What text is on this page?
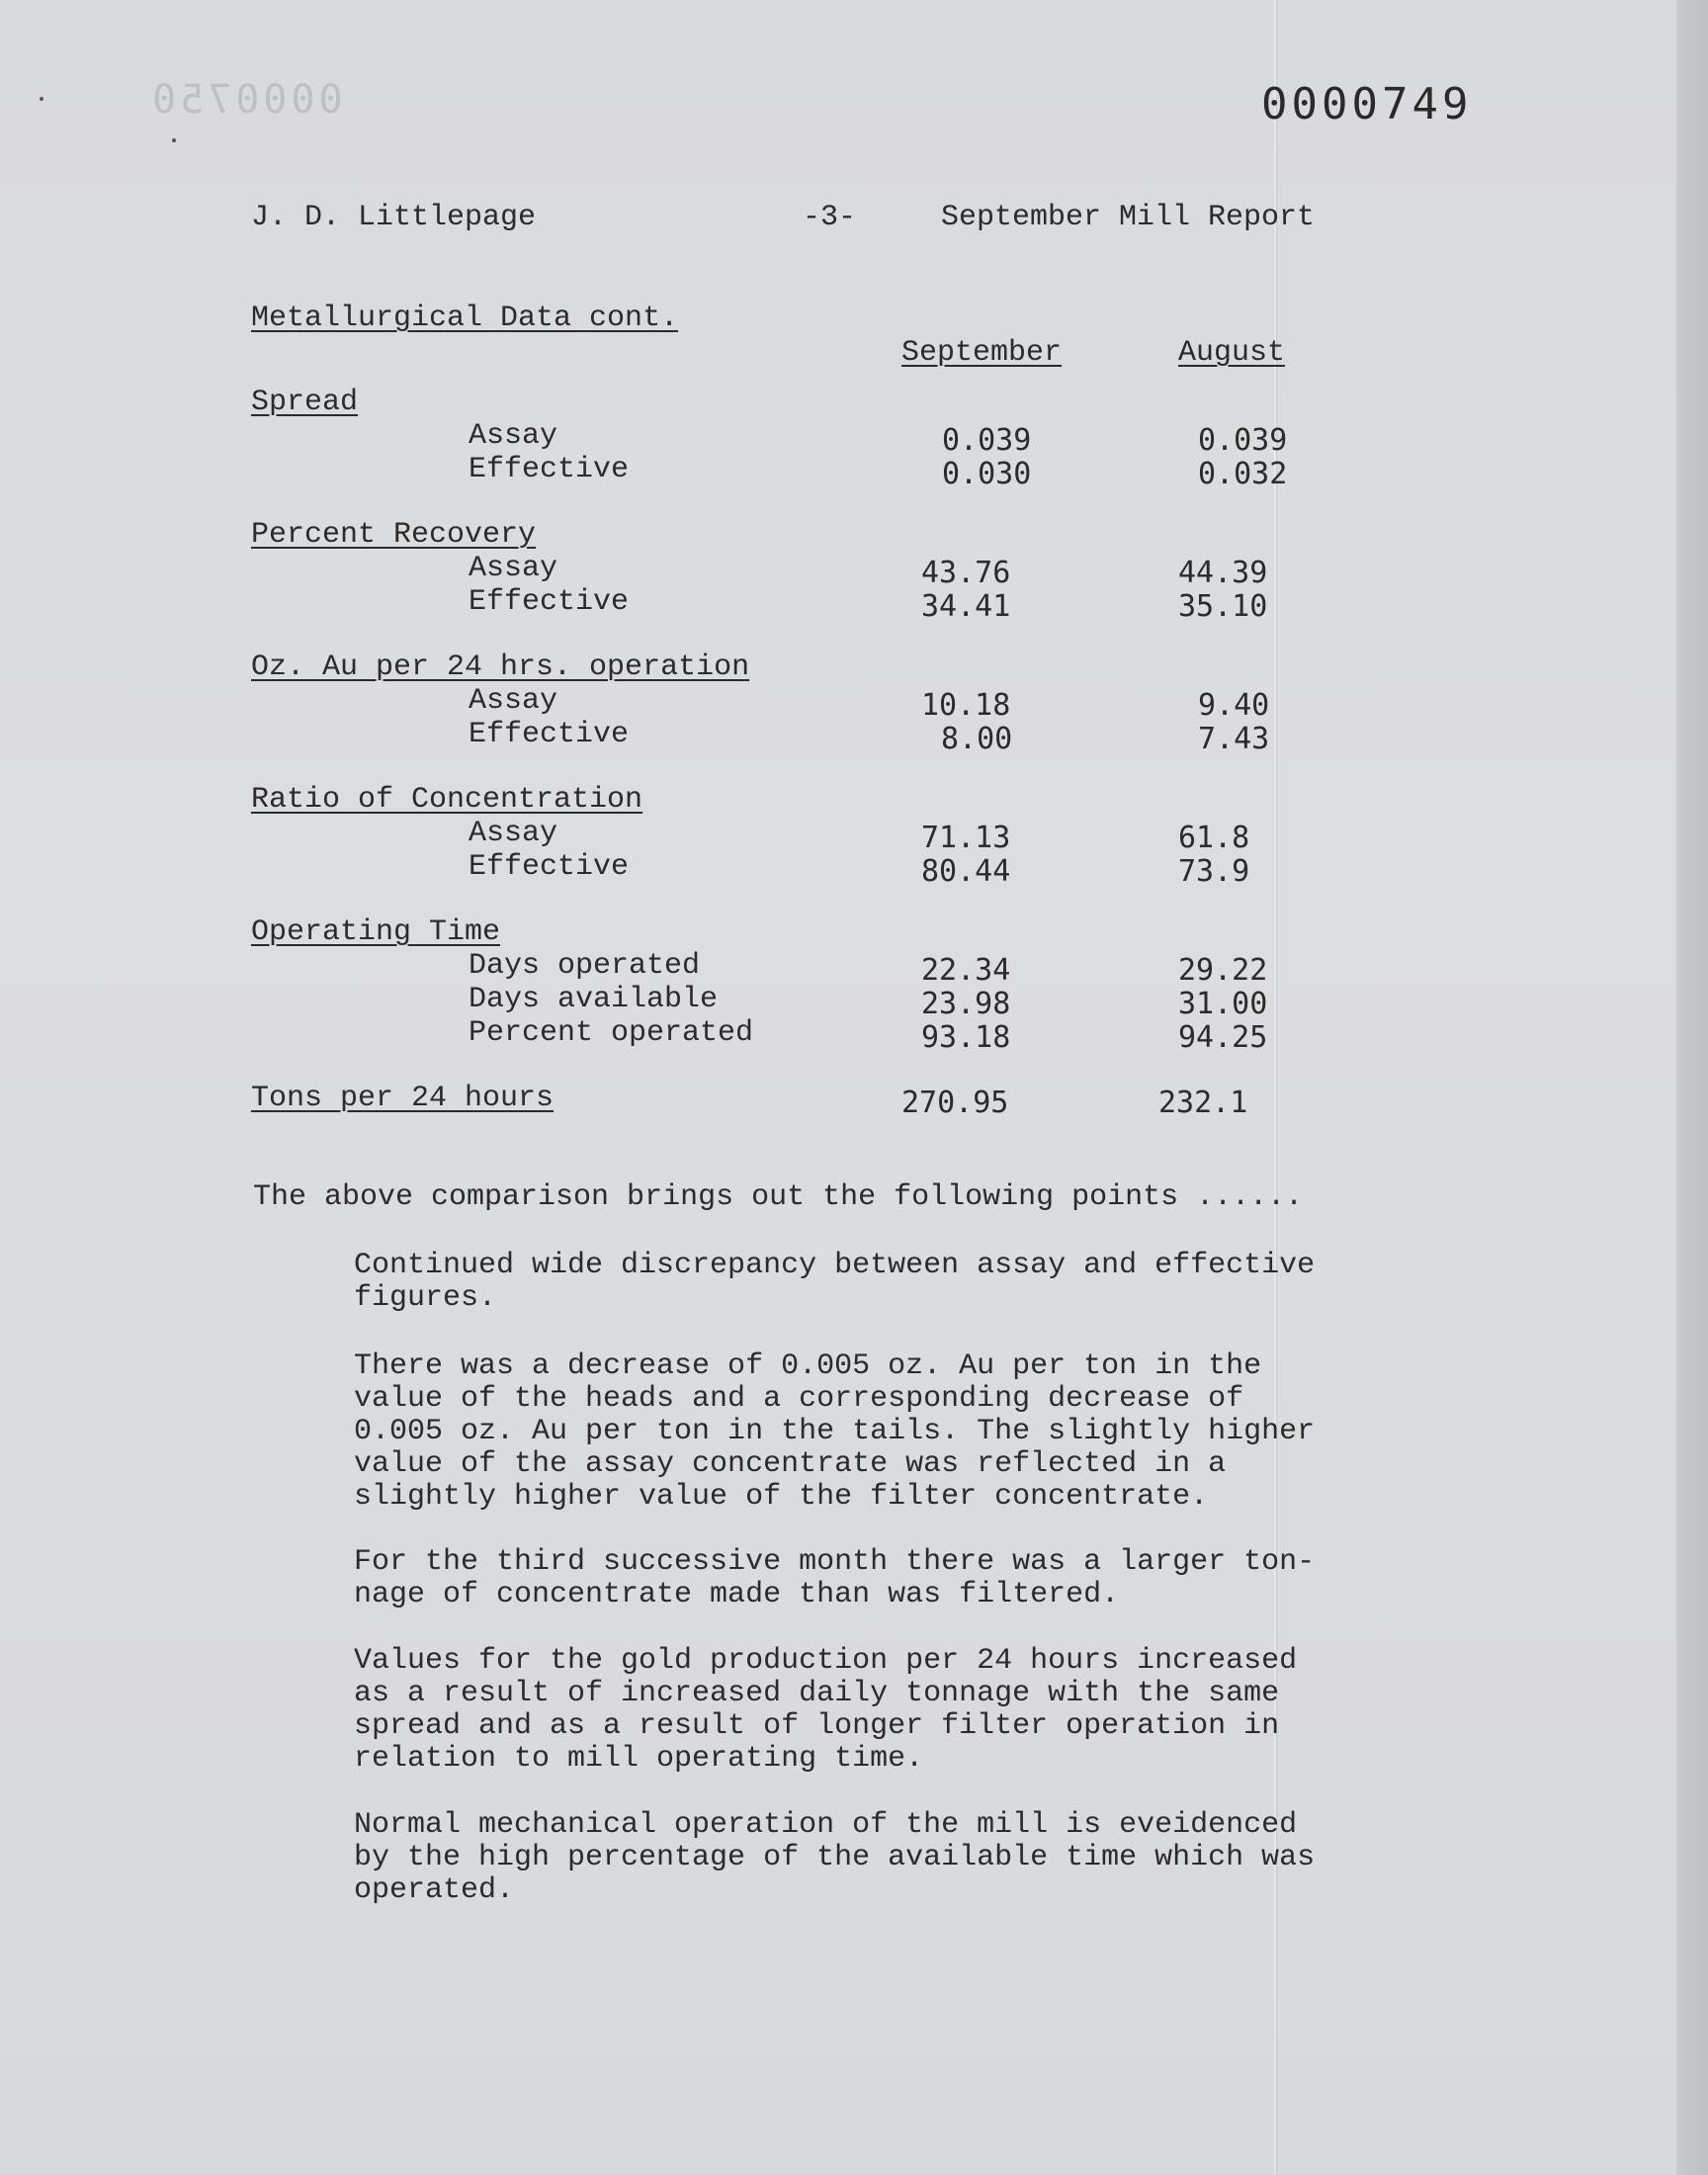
0000750	0000749
J. D. Littlepage	-3-	September Mill Report
Metallurgical Data cont.
September	August
Spread
Assay	0.039	0.039
Effective	0.030	0.032
Percent Recovery
Assay	43.76	44.39
Effective	34.41	35.10
Oz. Au per 24 hrs. operation
Assay	10.18	9.40
Effective	8.00	7.43
Ratio of Concentration
Assay	71.13	61.8
Effective	80.44	73.9
Operating Time
Days operated	22.34	29.22
Days available	23.98	31.00
Percent operated	93.18	94.25
Tons per 24 hours	270.95	232.1
The above comparison brings out the following points ......
Continued wide discrepancy between assay and effective
figures.
There was a decrease of 0.005 oz. Au per ton in the
value of the heads and a corresponding decrease of
0.005 oz. Au per ton in the tails. The slightly higher
value of the assay concentrate was reflected in a
slightly higher value of the filter concentrate.
For the third successive month there was a larger ton-
nage of concentrate made than was filtered.
Values for the gold production per 24 hours increased
as a result of increased daily tonnage with the same
spread and as a result of longer filter operation in
relation to mill operating time.
Normal mechanical operation of the mill is eveidenced
by the high percentage of the available time which was
operated.
